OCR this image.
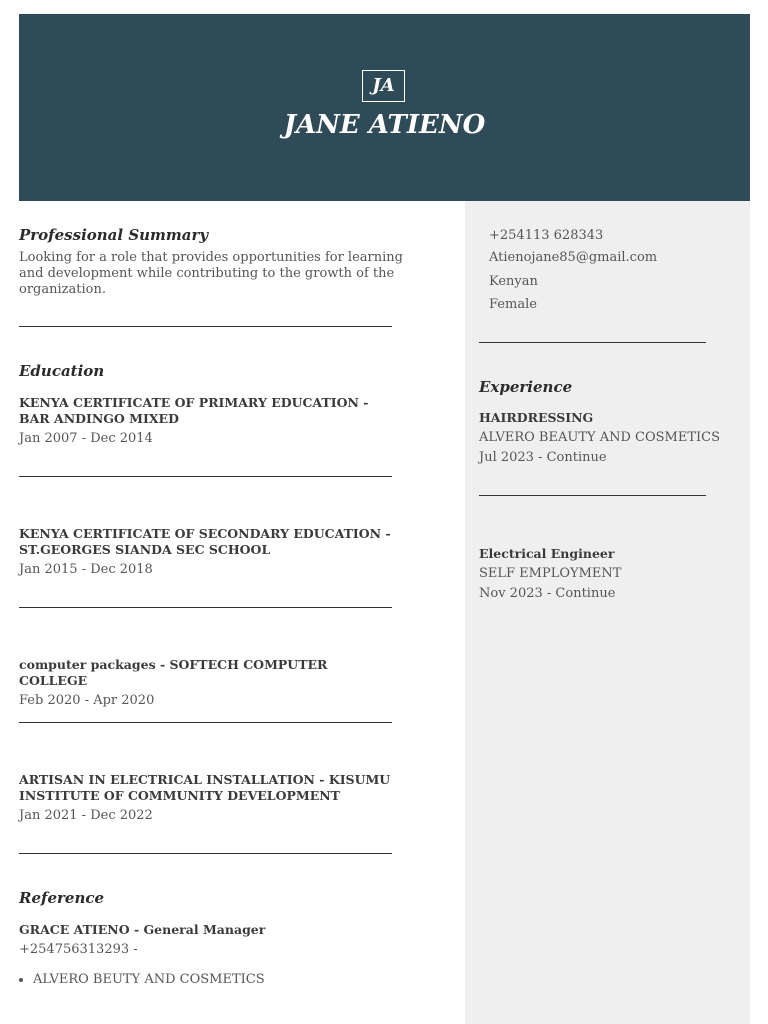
JA
JANE ATIENO
Professional Summary
Looking for a role that provides opportunities for learning and development while contributing to the growth of the organization.
Education
KENYA CERTIFICATE OF PRIMARY EDUCATION - BAR ANDINGO MIXED
Jan 2007 - Dec 2014
KENYA CERTIFICATE OF SECONDARY EDUCATION - ST.GEORGES SIANDA SEC SCHOOL
Jan 2015 - Dec 2018
computer packages - SOFTECH COMPUTER COLLEGE
Feb 2020 - Apr 2020
ARTISAN IN ELECTRICAL INSTALLATION - KISUMU INSTITUTE OF COMMUNITY DEVELOPMENT
Jan 2021 - Dec 2022
Reference
GRACE ATIENO - General Manager
+254756313293 -
• ALVERO BEUTY AND COSMETICS
+254113 628343
Atienojane85@gmail.com
Kenyan
Female
Experience
HAIRDRESSING
ALVERO BEAUTY AND COSMETICS
Jul 2023 - Continue
Electrical Engineer
SELF EMPLOYMENT
Nov 2023 - Continue
